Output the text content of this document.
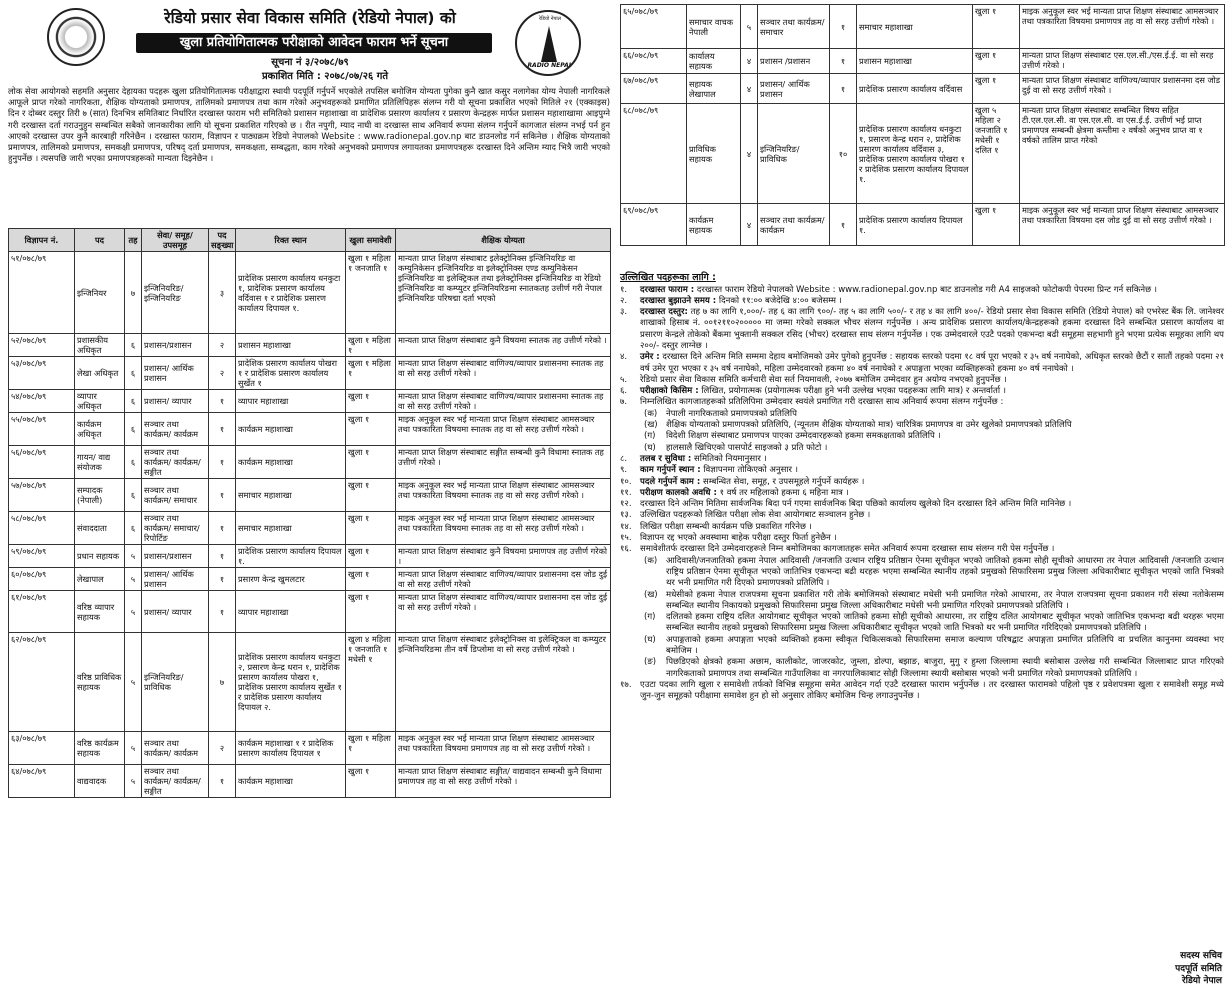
रेडियो प्रसार सेवा विकास समिति (रेडियो नेपाल) को
खुला प्रतियोगितात्मक परीक्षाको आवेदन फाराम भर्ने सूचना
सूचना नं ३/२०७८/७९
प्रकाशित मिति : २०७८/०७/२६ गते
रेडियो नेपाल
RADIO NEPAL

लोक सेवा आयोगको सहमति अनुसार देहायका पदहरू खुला प्रतियोगितात्मक परीक्षाद्वारा स्थायी पदपूर्ति गर्नुपर्ने भएकोले तपसिल बमोजिम योग्यता पुगेका कुनै खात कसुर नलागेका योग्य नेपाली नागरिकले आफूले प्राप्त गरेको नागरिकता, शैक्षिक योग्यताको प्रमाणपत्र, तालिमको प्रमाणपत्र तथा काम गरेको अनुभवहरूको प्रमाणित प्रतिलिपिहरू संलग्न गरी यो सूचना प्रकाशित भएको मितिले २१ (एक्काइस) दिन र दोब्बर दस्तुर तिरी ७ (सात) दिनभित्र समितिबाट निर्धारित दरखास्त फाराम भरी समितिको प्रशासन महाशाखा वा प्रादेशिक प्रसारण कार्यालय र प्रसारण केन्द्रहरू मार्फत प्रशासन महाशाखामा आइपुग्ने गरी दरखास्त दर्ता गराउनुहुन सम्बन्धित सबैको जानकारीका लागि यो सूचना प्रकाशित गरिएको छ । रीत नपुगी, म्याद नाघी वा दरखास्त साथ अनिवार्य रूपमा संलग्न गर्नुपर्ने कागजात संलग्न नभई पर्न हुन आएको दरखास्त उपर कुनै कारबाही गरिनेछैन । दरखास्त फाराम, विज्ञापन र पाठ्यक्रम रेडियो नेपालको Website : www.radionepal.gov.np बाट डाउनलोड गर्न सकिनेछ । शैक्षिक योग्यताको प्रमाणपत्र, तालिमको प्रमाणपत्र, समकक्षी प्रमाणपत्र, परिषद् दर्ता प्रमाणपत्र, समकक्षता, सम्बद्धता, काम गरेको अनुभवको प्रमाणपत्र लगायतका प्रमाणपत्रहरू दरखास्त दिने अन्तिम म्याद भित्रै जारी भएको हुनुपर्नेछ । त्यसपछि जारी भएका प्रमाणपत्रहरूको मान्यता दिइनेछैन ।

विज्ञापन नं.	पद	तह	सेवा/ समूह/ उपसमूह	पद सङ्ख्या	रिक्त स्थान	खुला समावेशी	शैक्षिक योग्यता
५१/०७८/७९	इन्जिनियर	७	इन्जिनियरिङ/ इन्जिनियरिङ	३	प्रादेशिक प्रसारण कार्यालय धनकुटा १, प्रादेशिक प्रसारण कार्यालय वर्दिवास १ र प्रादेशिक प्रसारण कार्यालय दिपायल १.	खुला १ महिला १ जनजाति १	मान्यता प्राप्त शिक्षण संस्थाबाट इलेक्ट्रोनिक्स इन्जिनियरिङ वा कम्युनिकेसन इन्जिनियरिङ वा इलेक्ट्रोनिक्स एण्ड कम्युनिकेसन इन्जिनियरिङ वा इलेक्ट्रिकल तथा इलेक्ट्रोनिक्स इन्जिनियरिङ वा रेडियो इन्जिनियरिङ वा कम्प्युटर इन्जिनियरिङमा स्नातकतह उत्तीर्ण गरी नेपाल इन्जिनियरिङ परिषद्मा दर्ता भएको
५२/०७८/७९	प्रशासकीय अधिकृत	६	प्रशासन/प्रशासन	२	प्रशासन महाशाखा	खुला १ महिला १	मान्यता प्राप्त शिक्षण संस्थाबाट कुनै विषयमा स्नातक तह उत्तीर्ण गरेको ।
५३/०७८/७९	लेखा अधिकृत	६	प्रशासन/ आर्थिक प्रशासन	२	प्रादेशिक प्रसारण कार्यालय पोखरा १ र प्रादेशिक प्रसारण कार्यालय सुर्खेत १	खुला १ महिला १	मान्यता प्राप्त शिक्षण संस्थाबाट वाणिज्य/व्यापार प्रशासनमा स्नातक तह वा सो सरह उत्तीर्ण गरेको ।
५४/०७८/७९	व्यापार अधिकृत	६	प्रशासन/ व्यापार	१	व्यापार महाशाखा	खुला १	मान्यता प्राप्त शिक्षण संस्थाबाट वाणिज्य/व्यापार प्रशासनमा स्नातक तह वा सो सरह उत्तीर्ण गरेको ।
५५/०७८/७९	कार्यक्रम अधिकृत	६	सञ्चार तथा कार्यक्रम/ कार्यक्रम	१	कार्यक्रम महाशाखा	खुला १	माइक अनुकूल स्वर भई मान्यता प्राप्त शिक्षण संस्थाबाट आमसञ्चार तथा पत्रकारिता विषयमा स्नातक तह वा सो सरह उत्तीर्ण गरेको ।
५६/०७८/७९	गायन/ वाद्य संयोजक	६	सञ्चार तथा कार्यक्रम/ कार्यक्रम/सङ्गीत	१	कार्यक्रम महाशाखा	खुला १	मान्यता प्राप्त शिक्षण संस्थाबाट सङ्गीत सम्बन्धी कुनै विधामा स्नातक तह उत्तीर्ण गरेको ।
५७/०७८/७९	सम्पादक (नेपाली)	६	सञ्चार तथा कार्यक्रम/ समाचार	१	समाचार महाशाखा	खुला १	माइक अनुकूल स्वर भई मान्यता प्राप्त शिक्षण संस्थाबाट आमसञ्चार तथा पत्रकारिता विषयमा स्नातक तह वा सो सरह उत्तीर्ण गरेको ।
५८/०७८/७९	संवाददाता	६	सञ्चार तथा कार्यक्रम/ समाचार/रिपोर्टिङ	१	समाचार महाशाखा	खुला १	माइक अनुकूल स्वर भई मान्यता प्राप्त शिक्षण संस्थाबाट आमसञ्चार तथा पत्रकारिता विषयमा स्नातक तह वा सो सरह उत्तीर्ण गरेको ।
५९/०७८/७९	प्रधान सहायक	५	प्रशासन/प्रशासन	१	प्रादेशिक प्रसारण कार्यालय दिपायल १.	खुला १	मान्यता प्राप्त शिक्षण संस्थाबाट कुनै विषयमा प्रमाणपत्र तह उत्तीर्ण गरेको ।
६०/०७८/७९	लेखापाल	५	प्रशासन/ आर्थिक प्रशासन	१	प्रसारण केन्द्र खुमलटार	खुला १	मान्यता प्राप्त शिक्षण संस्थाबाट वाणिज्य/व्यापार प्रशासनमा दस जोड दुई वा सो सरह उत्तीर्ण गरेको
६१/०७८/७९	वरिष्ठ व्यापार सहायक	५	प्रशासन/ व्यापार	१	व्यापार महाशाखा	खुला १	मान्यता प्राप्त शिक्षण संस्थाबाट वाणिज्य/व्यापार प्रशासनमा दस जोड दुई वा सो सरह उत्तीर्ण गरेको ।
६२/०७८/७९	वरिष्ठ प्राविधिक सहायक	५	इन्जिनियरिङ/ प्राविधिक	७	प्रादेशिक प्रसारण कार्यालय धनकुटा २, प्रसारण केन्द्र धरान १, प्रादेशिक प्रसारण कार्यालय पोखरा १, प्रादेशिक प्रसारण कार्यालय सुर्खेत १ र प्रादेशिक प्रसारण कार्यालय दिपायल २.	खुला ४ महिला १ जनजाति १ मधेसी १	मान्यता प्राप्त शिक्षण संस्थाबाट इलेक्ट्रोनिक्स वा इलेक्ट्रिकल वा कम्प्युटर इन्जिनियरिङमा तीन वर्षे डिप्लोमा वा सो सरह उत्तीर्ण गरेको ।
६३/०७८/७९	वरिष्ठ कार्यक्रम सहायक	५	सञ्चार तथा कार्यक्रम/ कार्यक्रम	२	कार्यक्रम महाशाखा १ र प्रादेशिक प्रसारण कार्यालय दिपायल १	खुला १ महिला १	माइक अनुकूल स्वर भई मान्यता प्राप्त शिक्षण संस्थाबाट आमसञ्चार तथा पत्रकारिता विषयमा प्रमाणपत्र तह वा सो सरह उत्तीर्ण गरेको ।
६४/०७८/७९	वाद्यवादक	५	सञ्चार तथा कार्यक्रम/ कार्यक्रम/सङ्गीत	१	कार्यक्रम महाशाखा	खुला १	मान्यता प्राप्त शिक्षण संस्थाबाट सङ्गीत/ वाद्यवादन सम्बन्धी कुनै विधामा प्रमाणपत्र तह वा सो सरह उत्तीर्ण गरेको ।
६५/०७८/७९	समाचार वाचक नेपाली	५	सञ्चार तथा कार्यक्रम/ समाचार	१	समाचार महाशाखा	खुला १	माइक अनुकूल स्वर भई मान्यता प्राप्त शिक्षण संस्थाबाट आमसञ्चार तथा पत्रकारिता विषयमा प्रमाणपत्र तह वा सो सरह उत्तीर्ण गरेको ।
६६/०७८/७९	कार्यालय सहायक	४	प्रशासन /प्रशासन	१	प्रशासन महाशाखा	खुला १	मान्यता प्राप्त शिक्षण संस्थाबाट एस.एल.सी./एस.ई.ई. वा सो सरह उत्तीर्ण गरेको ।
६७/०७८/७९	सहायक लेखापाल	४	प्रशासन/ आर्थिक प्रशासन	१	प्रादेशिक प्रसारण कार्यालय वर्दिवास	खुला १	मान्यता प्राप्त शिक्षण संस्थाबाट वाणिज्य/व्यापार प्रशासनमा दस जोड दुई वा सो सरह उत्तीर्ण गरेको ।
६८/०७८/७९	प्राविधिक सहायक	४	इन्जिनियरिङ/ प्राविधिक	१०	प्रादेशिक प्रसारण कार्यालय धनकुटा १, प्रसारण केन्द्र धरान २, प्रादेशिक प्रसारण कार्यालय वर्दिवास ३, प्रादेशिक प्रसारण कार्यालय पोखरा १ र प्रादेशिक प्रसारण कार्यालय दिपायल १.	खुला ५ महिला २ जनजाति १ मधेसी १ दलित १	मान्यता प्राप्त शिक्षण संस्थाबाट सम्बन्धित विषय सहित टी.एल.एल.सी. वा एस.एल.सी. वा एस.ई.ई. उत्तीर्ण भई प्राप्त प्रमाणपत्र सम्बन्धी क्षेत्रमा कम्तीमा २ वर्षको अनुभव प्राप्त वा १ वर्षको तालिम प्राप्त गरेको
६९/०७८/७९	कार्यक्रम सहायक	४	सञ्चार तथा कार्यक्रम/ कार्यक्रम	१	प्रादेशिक प्रसारण कार्यालय दिपायल १.	खुला १	माइक अनुकूल स्वर भई मान्यता प्राप्त शिक्षण संस्थाबाट आमसञ्चार तथा पत्रकारिता विषयमा दस जोड दुई वा सो सरह उत्तीर्ण गरेको ।
उल्लिखित पदहरूका लागि :
१.	दरखास्त फाराम : दरखास्त फाराम रेडियो नेपालको Website : www.radionepal.gov.np बाट डाउनलोड गरी A4 साइजको फोटोकपी पेपरमा प्रिन्ट गर्न सकिनेछ ।
२.	दरखास्त बुझाउने समय : दिनको ११:०० बजेदेखि ४:०० बजेसम्म ।
३.	दरखास्त दस्तुर: तह ७ का लागि १,०००/- तह ६ का लागि ९००/- तह ५ का लागि ५००/- र तह ४ का लागि ४००/- रेडियो प्रसार सेवा विकास समिति (रेडियो नेपाल) को एभरेस्ट बैंक लि. जानेश्वर शाखाको हिसाब नं. ००१२११०२००००० मा जम्मा गरेको सक्कल भौचर संलग्न गर्नुपर्नेछ । अन्य प्रादेशिक प्रसारण कार्यालय/केन्द्रहरूको हकमा दरखास्त दिने सम्बन्धित प्रसारण कार्यालय वा प्रसारण केन्द्रले तोकेको बैंकमा भुक्तानी सक्कल रसिद (भौचर) दरखास्त साथ संलग्न गर्नुपर्नेछ । एक उम्मेदवारले एउटै पदको एकभन्दा बढी समूहमा सहभागी हुने भएमा प्रत्येक समूहका लागि थप २००/- दस्तुर लाग्नेछ ।
४.	उमेर : दरखास्त दिने अन्तिम मिति सम्ममा देहाय बमोजिमको उमेर पुगेको हुनुपर्नेछ : सहायक स्तरको पदमा १८ वर्ष पूरा भएको र ३५ वर्ष ननाघेको, अधिकृत स्तरको छैटौं र सातौं तहको पदमा २१ वर्ष उमेर पूरा भएका र ३५ वर्ष ननाघेको, महिला उम्मेदवारको हकमा ४० वर्ष ननाघेको र अपाङ्गता भएका व्यक्तिहरूको हकमा ४० वर्ष ननाघेको ।
५.	रेडियो प्रसार सेवा विकास समिति कर्मचारी सेवा सर्त नियमावली, २०७७ बमोजिम उम्मेदवार हुन अयोग्य नभएको हुनुपर्नेछ ।
६.	परीक्षाको किसिम : लिखित, प्रयोगात्मक (प्रयोगात्मक परीक्षा हुने भनी उल्लेख भएका पदहरूका लागि मात्र) र अन्तर्वार्ता ।
७.	निम्नलिखित कागजातहरूको प्रतिलिपिमा उम्मेदवार स्वयंले प्रमाणित गरी दरखास्त साथ अनिवार्य रूपमा संलग्न गर्नुपर्नेछ :
(क)	नेपाली नागरिकताको प्रमाणपत्रको प्रतिलिपि
(ख) शैक्षिक योग्यताको प्रमाणपत्रको प्रतिलिपि, (न्यूनतम शैक्षिक योग्यताको मात्र) चारित्रिक प्रमाणपत्र वा उमेर खुलेको प्रमाणपत्रको प्रतिलिपि
(ग)	विदेशी शिक्षण संस्थाबाट प्रमाणपत्र पाएका उम्मेदवारहरूको हकमा समकक्षताको प्रतिलिपि ।
(घ)	हालसालै खिचिएको पासपोर्ट साइजको ३ प्रति फोटो ।
८.	तलब र सुविधा : समितिको नियमानुसार ।
९.	काम गर्नुपर्ने स्थान : विज्ञापनमा तोकिएको अनुसार ।
१०. पदले गर्नुपर्ने काम : सम्बन्धित सेवा, समूह, र उपसमूहले गर्नुपर्ने कार्यहरू ।
११. परीक्षण कालको अवधि : १ वर्ष तर महिलाको हकमा ६ महिना मात्र ।
१२. दरखास्त दिने अन्तिम मितिमा सार्वजनिक बिदा पर्न गएमा सार्वजनिक बिदा पछिको कार्यालय खुलेको दिन दरखास्त दिने अन्तिम मिति मानिनेछ ।
१३. उल्लिखित पदहरूको लिखित परीक्षा लोक सेवा आयोगबाट सञ्चालन हुनेछ ।
१४. लिखित परीक्षा सम्बन्धी कार्यक्रम पछि प्रकाशित गरिनेछ ।
१५. विज्ञापन रद्द भएको अवस्थामा बाहेक परीक्षा दस्तुर फिर्ता हुनेछैन ।
१६. समावेशीतर्फ दरखास्त दिने उम्मेदवारहरूले निम्न बमोजिमका कागजातहरू समेत अनिवार्य रूपमा दरखास्त साथ संलग्न गरी पेस गर्नुपर्नेछ ।
(क)	आदिवासी/जनजातिको हकमा नेपाल आदिवासी /जनजाति उत्थान राष्ट्रिय प्रतिष्ठान ऐनमा सूचीकृत भएको जातिको हकमा सोही सूचीको आधारमा तर नेपाल आदिवासी /जनजाति उत्थान राष्ट्रिय प्रतिष्ठान ऐनमा सूचीकृत भएको जातिभित्र एकभन्दा बढी थरहरू भएमा सम्बन्धित स्थानीय तहको प्रमुखको सिफारिसमा प्रमुख जिल्ला अधिकारीबाट सूचीकृत भएको जाति भित्रको थर भनी प्रमाणित गरी दिएको प्रमाणपत्रको प्रतिलिपि ।
(ख) मधेसीको हकमा नेपाल राजपत्रमा सूचना प्रकाशित गरी तोके बमोजिमको संस्थाबाट मधेसी भनी प्रमाणित गरेको आधारमा, तर नेपाल राजपत्रमा सूचना प्रकाशन गरी संस्था नतोकेसम्म सम्बन्धित स्थानीय निकायको प्रमुखको सिफारिसमा प्रमुख जिल्ला अधिकारीबाट मधेसी भनी प्रमाणित गरिएको प्रमाणपत्रको प्रतिलिपि ।
(ग)	दलितको हकमा राष्ट्रिय दलित आयोगबाट सूचीकृत भएको जातिको हकमा सोही सूचीको आधारमा, तर राष्ट्रिय दलित आयोगबाट सूचीकृत भएको जातिभित्र एकभन्दा बढी थरहरू भएमा सम्बन्धित स्थानीय तहको प्रमुखको सिफारिसमा प्रमुख जिल्ला अधिकारीबाट सूचीकृत भएको जाति भित्रको थर भनी प्रमाणित गरिदिएको प्रमाणपत्रको प्रतिलिपि ।
(घ)	अपाङ्गताको हकमा अपाङ्गता भएको व्यक्तिको हकमा स्वीकृत चिकित्सकको सिफारिसमा समाज कल्याण परिषद्बाट अपाङ्गता प्रमाणित प्रतिलिपि वा प्रचलित कानुनमा व्यवस्था भए बमोजिम ।
(ङ)	पिछडिएको क्षेत्रको हकमा अछाम, कालीकोट, जाजरकोट, जुम्ला, डोल्पा, बझाङ, बाजुरा, मुगु र हुम्ला जिल्लामा स्थायी बसोबास उल्लेख गरी सम्बन्धित जिल्लाबाट प्राप्त गरिएको नागरिकताको प्रमाणपत्र तथा सम्बन्धित गाउँपालिका वा नगरपालिकाबाट सोही जिल्लामा स्थायी बसोबास भएको भनी प्रमाणित गरेको प्रमाणपत्रको प्रतिलिपि ।
१७. एउटा पदका लागि खुला र समावेशी तर्फको विभिन्न समूहमा समेत आवेदन गर्दा एउटै दरखास्त फाराम भर्नुपर्नेछ । तर दरखास्त फारामको पहिलो पृष्ठ र प्रवेशपत्रमा खुला र समावेशी समूह मध्ये जुन-जुन समूहको परीक्षामा समावेश हुन हो सो अनुसार तोकिए बमोजिम चिन्ह लगाउनुपर्नेछ ।
सदस्य सचिव
पदपूर्ति समिति
रेडियो नेपाल
